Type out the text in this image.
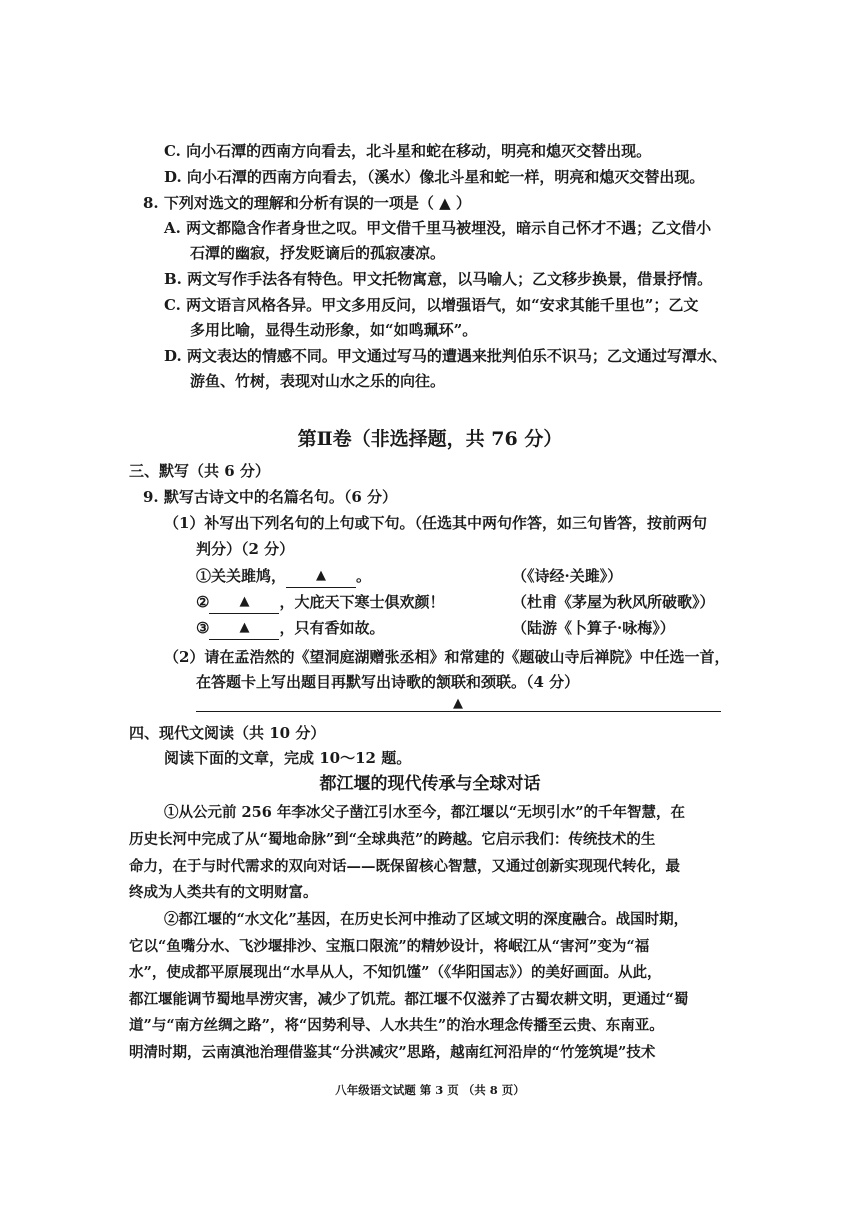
C. 向小石潭的西南方向看去，北斗星和蛇在移动，明亮和熄灭交替出现。
D. 向小石潭的西南方向看去，（溪水）像北斗星和蛇一样，明亮和熄灭交替出现。
8. 下列对选文的理解和分析有误的一项是（ ▲ ）
A. 两文都隐含作者身世之叹。甲文借千里马被埋没，暗示自己怀才不遇；乙文借小
石潭的幽寂，抒发贬谪后的孤寂凄凉。
B. 两文写作手法各有特色。甲文托物寓意，以马喻人；乙文移步换景，借景抒情。
C. 两文语言风格各异。甲文多用反问，以增强语气，如“安求其能千里也”；乙文
多用比喻，显得生动形象，如“如鸣珮环”。
D. 两文表达的情感不同。甲文通过写马的遭遇来批判伯乐不识马；乙文通过写潭水、
游鱼、竹树，表现对山水之乐的向往。
第Ⅱ卷（非选择题，共 76 分）
三、默写（共 6 分）
9. 默写古诗文中的名篇名句。（6 分）
（1）补写出下列名句的上句或下句。（任选其中两句作答，如三句皆答，按前两句
判分）（2 分）
①关关雎鸠， ▲ 。	（《诗经·关雎》）
② ▲ ，大庇天下寒士俱欢颜！	（杜甫《茅屋为秋风所破歌》）
③ ▲ ，只有香如故。	（陆游《卜算子·咏梅》）
（2）请在孟浩然的《望洞庭湖赠张丞相》和常建的《题破山寺后禅院》中任选一首，
在答题卡上写出题目再默写出诗歌的颔联和颈联。（4 分）
▲
四、现代文阅读（共 10 分）
阅读下面的文章，完成 10～12 题。
都江堰的现代传承与全球对话
①从公元前 256 年李冰父子凿江引水至今，都江堰以“无坝引水”的千年智慧，在
历史长河中完成了从“蜀地命脉”到“全球典范”的跨越。它启示我们：传统技术的生
命力，在于与时代需求的双向对话——既保留核心智慧，又通过创新实现现代转化，最
终成为人类共有的文明财富。
②都江堰的“水文化”基因，在历史长河中推动了区域文明的深度融合。战国时期，
它以“鱼嘴分水、飞沙堰排沙、宝瓶口限流”的精妙设计，将岷江从“害河”变为“福
水”，使成都平原展现出“水旱从人，不知饥馑”（《华阳国志》）的美好画面。从此，
都江堰能调节蜀地旱涝灾害，减少了饥荒。都江堰不仅滋养了古蜀农耕文明，更通过“蜀
道”与“南方丝绸之路”，将“因势利导、人水共生”的治水理念传播至云贵、东南亚。
明清时期，云南滇池治理借鉴其“分洪减灾”思路，越南红河沿岸的“竹笼筑堤”技术
八年级语文试题 第 3 页 （共 8 页）
